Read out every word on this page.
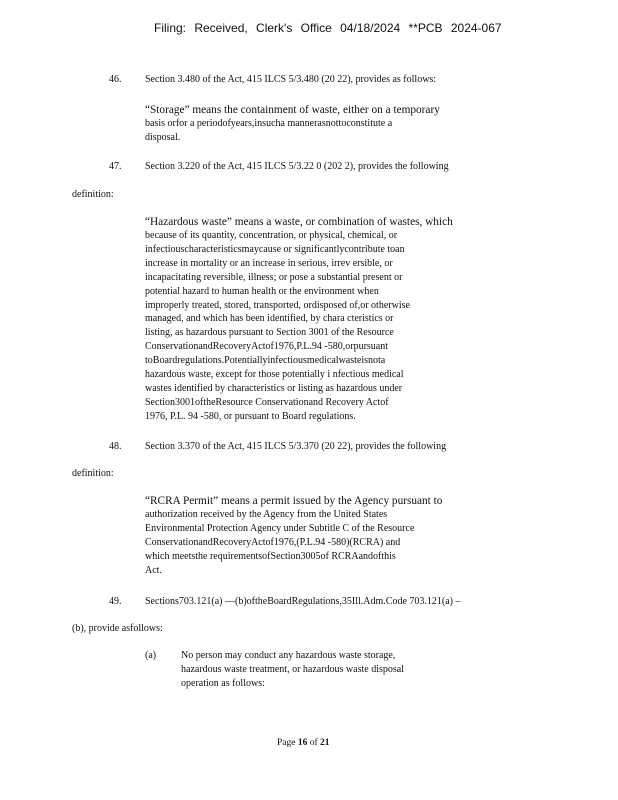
Filing: Received, Clerk's Office 04/18/2024 **PCB 2024-067
46. Section 3.480 of the Act, 415 ILCS 5/3.480 (20 22), provides as follows:
“Storage” means the containment of waste, either on a temporary
basis orfor a periodofyears,insucha mannerasnottoconstitute a
disposal.
47. Section 3.220 of the Act, 415 ILCS 5/3.22 0 (202 2), provides the following
definition:
“Hazardous waste” means a waste, or combination of wastes, which
because of its quantity, concentration, or physical, chemical, or
infectiouscharacteristicsmaycause or significantlycontribute toan
increase in mortality or an increase in serious, irrev ersible, or
incapacitating reversible, illness; or pose a substantial present or
potential hazard to human health or the environment when
improperly treated, stored, transported, ordisposed of,or otherwise
managed, and which has been identified, by chara cteristics or
listing, as hazardous pursuant to Section 3001 of the Resource
ConservationandRecoveryActof1976,P.L.94 -580,orpursuant
toBoardregulations.Potentiallyinfectiousmedicalwasteisnota
hazardous waste, except for those potentially i nfectious medical
wastes identified by characteristics or listing as hazardous under
Section3001oftheResource Conservationand Recovery Actof
1976, P.L. 94 -580, or pursuant to Board regulations.
48. Section 3.370 of the Act, 415 ILCS 5/3.370 (20 22), provides the following
definition:
“RCRA Permit” means a permit issued by the Agency pursuant to
authorization received by the Agency from the United States
Environmental Protection Agency under Subtitle C of the Resource
ConservationandRecoveryActof1976,(P.L.94 -580)(RCRA) and
which meetsthe requirementsofSection3005of RCRAandofthis
Act.
49. Sections703.121(a) —(b)oftheBoardRegulations,35Ill.Adm.Code 703.121(a) –
(b), provide asfollows:
(a) No person may conduct any hazardous waste storage,
hazardous waste treatment, or hazardous waste disposal
operation as follows:
Page 16 of 21
